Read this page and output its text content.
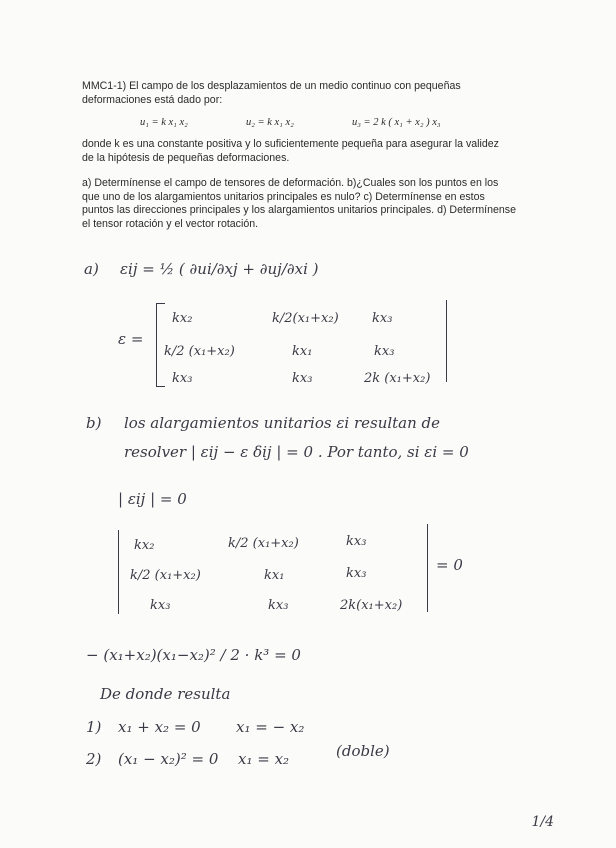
MMC1-1) El campo de los desplazamientos de un medio continuo con pequeñas deformaciones está dado por:

u₁ = k x₁ x₂	u₂ = k x₁ x₂	u₃ = 2 k ( x₁ + x₂ ) x₃

donde k es una constante positiva y lo suficientemente pequeña para asegurar la validez de la hipótesis de pequeñas deformaciones.

a) Determínense el campo de tensores de deformación. b)¿Cuales son los puntos en los que uno de los alargamientos unitarios principales es nulo? c) Determínense en estos puntos las direcciones principales y los alargamientos unitarios principales. d) Determínense el tensor rotación y el vector rotación.

a) εij = ½ ( ∂ui/∂xj + ∂uj/∂xi )
ε =
kx₂	k/2(x₁+x₂)	kx₃
k/2 (x₁+x₂)	kx₁	kx₃
kx₃	kx₃	2k (x₁+x₂)
b) los alargamientos unitarios εi resultan de
resolver | εij − ε δij | = 0 . Por tanto, si εi = 0
| εij | = 0
kx₂	k/2 (x₁+x₂)	kx₃
k/2 (x₁+x₂)	kx₁	kx₃
kx₃	kx₃	2k(x₁+x₂)
= 0
− (x₁+x₂)(x₁−x₂)² / 2 · k³ = 0
De donde resulta
1) x₁ + x₂ = 0 x₁ = − x₂
2) (x₁ − x₂)² = 0 x₁ = x₂	(doble)
1/4
